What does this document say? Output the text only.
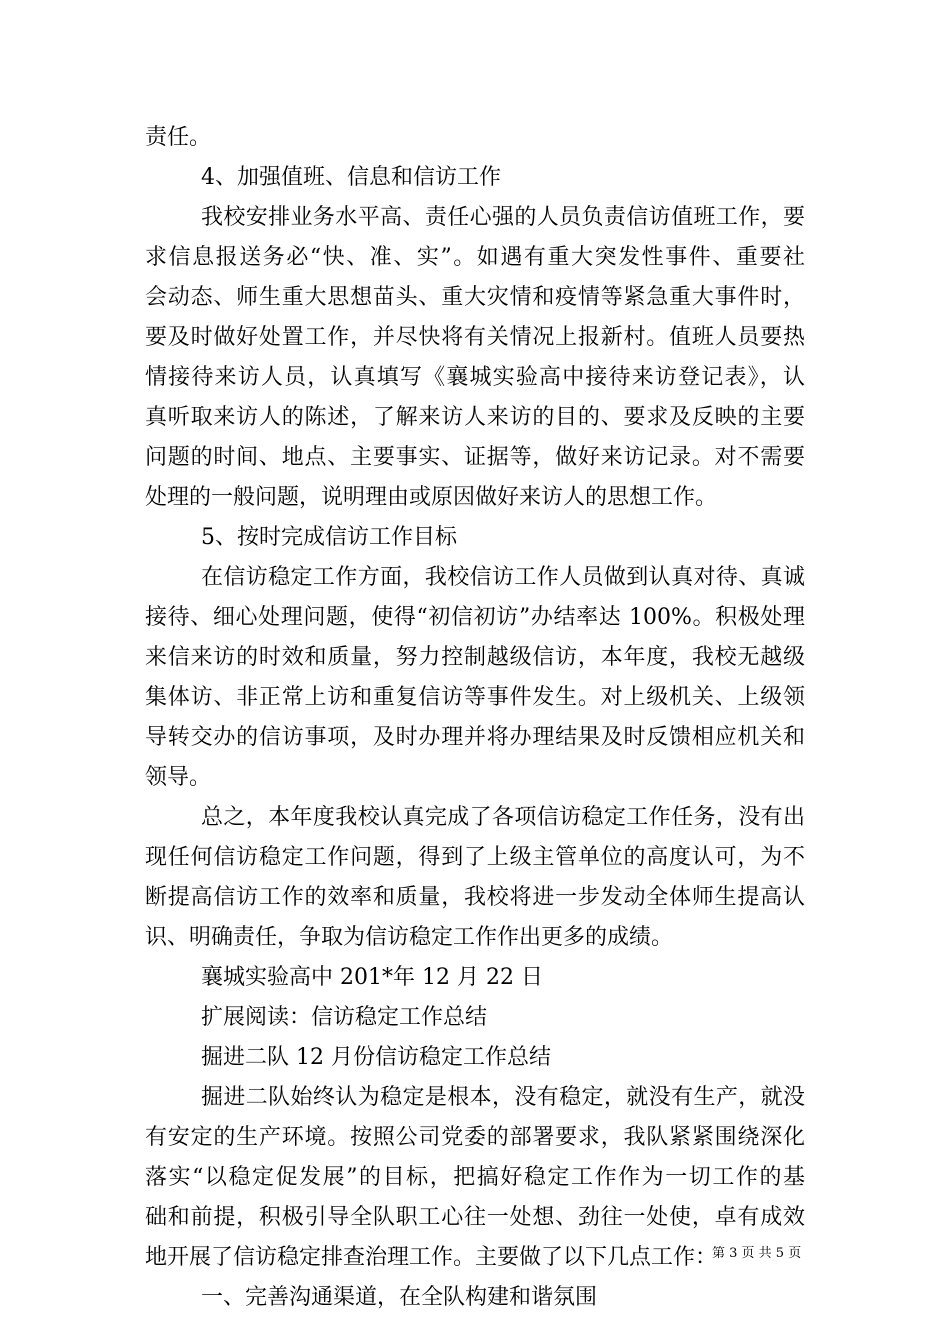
责任。
4、加强值班、信息和信访工作
我校安排业务水平高、责任心强的人员负责信访值班工作，要
求信息报送务必“快、准、实”。如遇有重大突发性事件、重要社
会动态、师生重大思想苗头、重大灾情和疫情等紧急重大事件时，
要及时做好处置工作，并尽快将有关情况上报新村。值班人员要热
情接待来访人员，认真填写《襄城实验高中接待来访登记表》，认
真听取来访人的陈述，了解来访人来访的目的、要求及反映的主要
问题的时间、地点、主要事实、证据等，做好来访记录。对不需要
处理的一般问题，说明理由或原因做好来访人的思想工作。
5、按时完成信访工作目标
在信访稳定工作方面，我校信访工作人员做到认真对待、真诚
接待、细心处理问题，使得“初信初访”办结率达 100%。积极处理
来信来访的时效和质量，努力控制越级信访，本年度，我校无越级
集体访、非正常上访和重复信访等事件发生。对上级机关、上级领
导转交办的信访事项，及时办理并将办理结果及时反馈相应机关和
领导。
总之，本年度我校认真完成了各项信访稳定工作任务，没有出
现任何信访稳定工作问题，得到了上级主管单位的高度认可，为不
断提高信访工作的效率和质量，我校将进一步发动全体师生提高认
识、明确责任，争取为信访稳定工作作出更多的成绩。
襄城实验高中 201*年 12 月 22 日
扩展阅读：信访稳定工作总结
掘进二队 12 月份信访稳定工作总结
掘进二队始终认为稳定是根本，没有稳定，就没有生产，就没
有安定的生产环境。按照公司党委的部署要求，我队紧紧围绕深化
落实“以稳定促发展”的目标，把搞好稳定工作作为一切工作的基
础和前提，积极引导全队职工心往一处想、劲往一处使，卓有成效
地开展了信访稳定排查治理工作。主要做了以下几点工作：
一、完善沟通渠道，在全队构建和谐氛围
第 3 页 共 5 页
